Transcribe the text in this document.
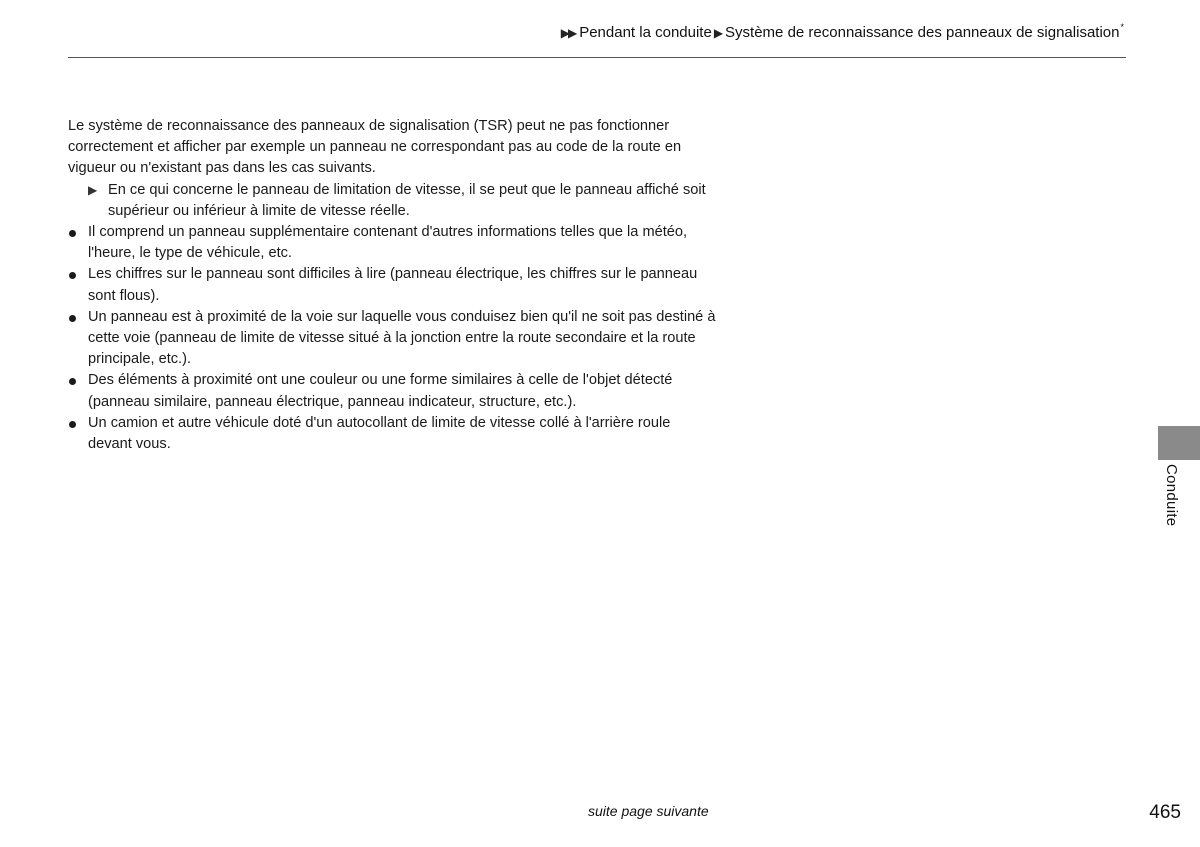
▶▶ Pendant la conduite ▶ Système de reconnaissance des panneaux de signalisation*

Le système de reconnaissance des panneaux de signalisation (TSR) peut ne pas fonctionner correctement et afficher par exemple un panneau ne correspondant pas au code de la route en vigueur ou n'existant pas dans les cas suivants.

▶ En ce qui concerne le panneau de limitation de vitesse, il se peut que le panneau affiché soit supérieur ou inférieur à limite de vitesse réelle.
Il comprend un panneau supplémentaire contenant d'autres informations telles que la météo, l'heure, le type de véhicule, etc.
Les chiffres sur le panneau sont difficiles à lire (panneau électrique, les chiffres sur le panneau sont flous).
Un panneau est à proximité de la voie sur laquelle vous conduisez bien qu'il ne soit pas destiné à cette voie (panneau de limite de vitesse situé à la jonction entre la route secondaire et la route principale, etc.).
Des éléments à proximité ont une couleur ou une forme similaires à celle de l'objet détecté (panneau similaire, panneau électrique, panneau indicateur, structure, etc.).
Un camion et autre véhicule doté d'un autocollant de limite de vitesse collé à l'arrière roule devant vous.
Conduite
suite page suivante	465
